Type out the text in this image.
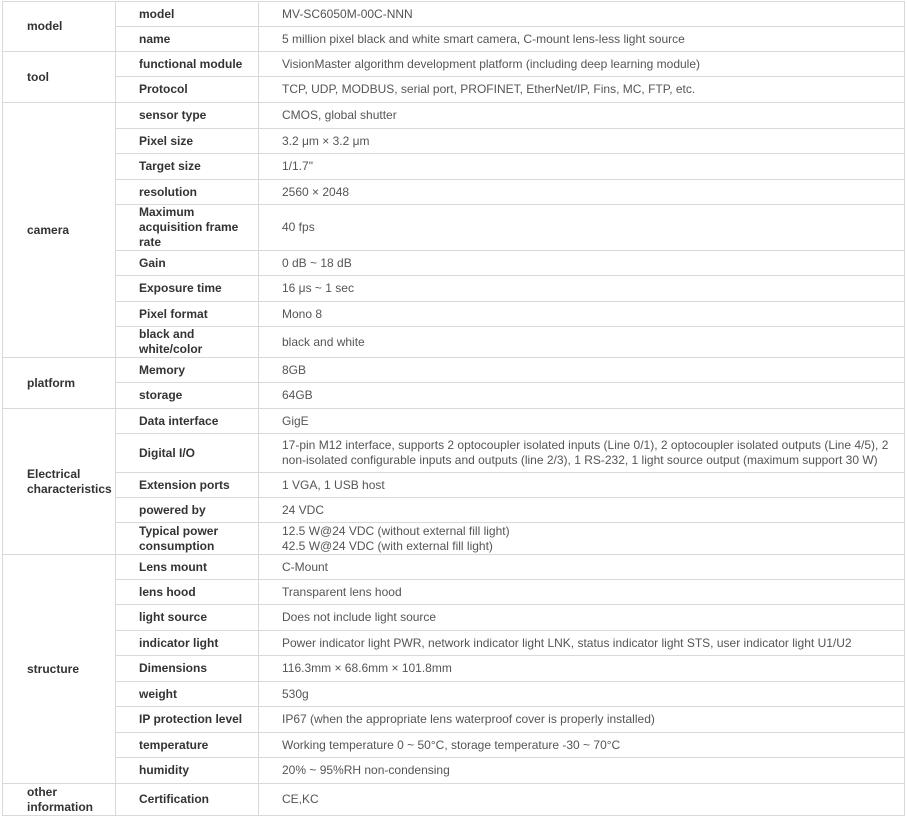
model	model	MV-SC6050M-00C-NNN
	name	5 million pixel black and white smart camera, C-mount lens-less light source
tool	functional module	VisionMaster algorithm development platform (including deep learning module)
	Protocol	TCP, UDP, MODBUS, serial port, PROFINET, EtherNet/IP, Fins, MC, FTP, etc.
camera	sensor type	CMOS, global shutter
	Pixel size	3.2 μm × 3.2 μm
	Target size	1/1.7"
	resolution	2560 × 2048
	Maximum acquisition frame rate	40 fps
	Gain	0 dB ~ 18 dB
	Exposure time	16 μs ~ 1 sec
	Pixel format	Mono 8
	black and white/color	black and white
platform	Memory	8GB
	storage	64GB
Electrical characteristics	Data interface	GigE
	Digital I/O	17-pin M12 interface, supports 2 optocoupler isolated inputs (Line 0/1), 2 optocoupler isolated outputs (Line 4/5), 2 non-isolated configurable inputs and outputs (line 2/3), 1 RS-232, 1 light source output (maximum support 30 W)
	Extension ports	1 VGA, 1 USB host
	powered by	24 VDC
	Typical power consumption	12.5 W@24 VDC (without external fill light)
42.5 W@24 VDC (with external fill light)
structure	Lens mount	C-Mount
	lens hood	Transparent lens hood
	light source	Does not include light source
	indicator light	Power indicator light PWR, network indicator light LNK, status indicator light STS, user indicator light U1/U2
	Dimensions	116.3mm × 68.6mm × 101.8mm
	weight	530g
	IP protection level	IP67 (when the appropriate lens waterproof cover is properly installed)
	temperature	Working temperature 0 ~ 50°C, storage temperature -30 ~ 70°C
	humidity	20% ~ 95%RH non-condensing
other information	Certification	CE,KC
